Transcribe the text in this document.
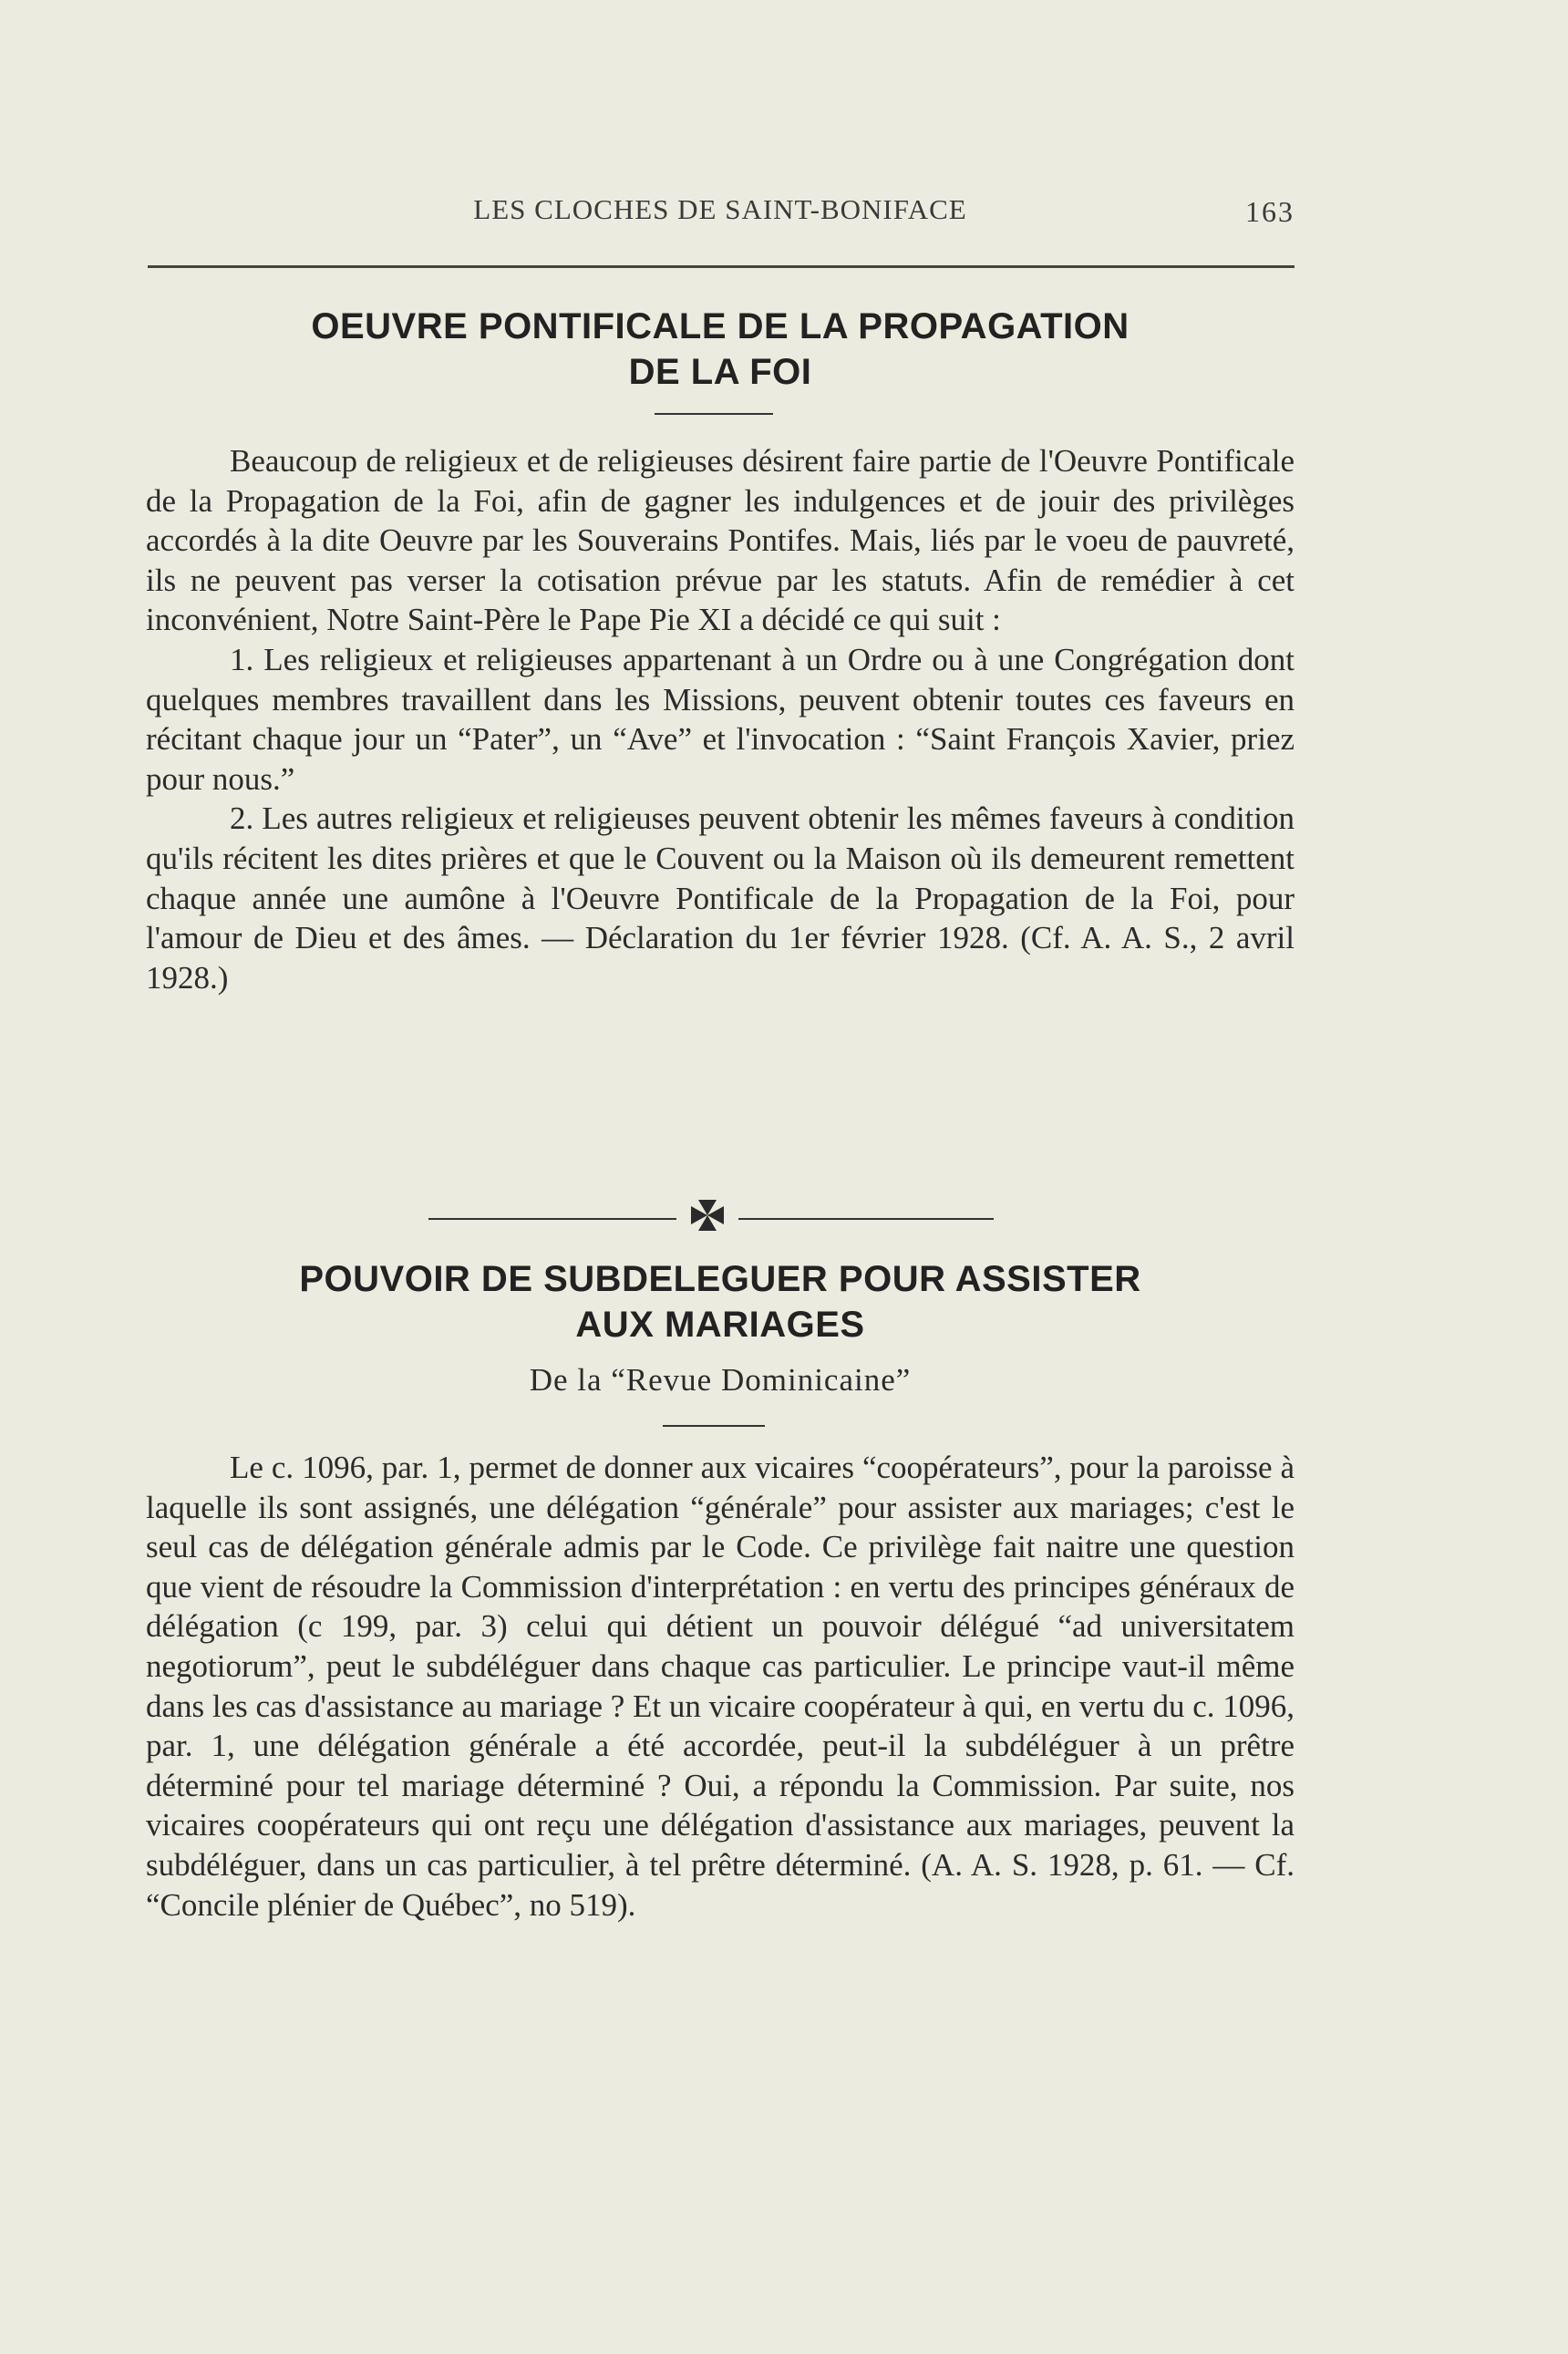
LES CLOCHES DE SAINT-BONIFACE	163
OEUVRE PONTIFICALE DE LA PROPAGATION
DE LA FOI

Beaucoup de religieux et de religieuses désirent faire partie de l'Oeuvre Pontificale de la Propagation de la Foi, afin de gagner les indulgences et de jouir des privilèges accordés à la dite Oeuvre par les Souverains Pontifes. Mais, liés par le voeu de pauvreté, ils ne peuvent pas verser la cotisation prévue par les statuts. Afin de remédier à cet inconvénient, Notre Saint-Père le Pape Pie XI a décidé ce qui suit :

1. Les religieux et religieuses appartenant à un Ordre ou à une Congrégation dont quelques membres travaillent dans les Missions, peuvent obtenir toutes ces faveurs en récitant chaque jour un “Pater”, un “Ave” et l'invocation : “Saint François Xavier, priez pour nous.”

2. Les autres religieux et religieuses peuvent obtenir les mêmes faveurs à condition qu'ils récitent les dites prières et que le Couvent ou la Maison où ils demeurent remettent chaque année une aumône à l'Oeuvre Pontificale de la Propagation de la Foi, pour l'amour de Dieu et des âmes. — Déclaration du 1er février 1928. (Cf. A. A. S., 2 avril 1928.)

POUVOIR DE SUBDELEGUER POUR ASSISTER
AUX MARIAGES
De la “Revue Dominicaine”

Le c. 1096, par. 1, permet de donner aux vicaires “coopérateurs”, pour la paroisse à laquelle ils sont assignés, une délégation “générale” pour assister aux mariages; c'est le seul cas de délégation générale admis par le Code. Ce privilège fait naitre une question que vient de résoudre la Commission d'interprétation : en vertu des principes généraux de délégation (c 199, par. 3) celui qui détient un pouvoir délégué “ad universitatem negotiorum”, peut le subdéléguer dans chaque cas particulier. Le principe vaut-il même dans les cas d'assistance au mariage ? Et un vicaire coopérateur à qui, en vertu du c. 1096, par. 1, une délégation générale a été accordée, peut-il la subdéléguer à un prêtre déterminé pour tel mariage déterminé ? Oui, a répondu la Commission. Par suite, nos vicaires coopérateurs qui ont reçu une délégation d'assistance aux mariages, peuvent la subdéléguer, dans un cas particulier, à tel prêtre déterminé. (A. A. S. 1928, p. 61. — Cf. “Concile plénier de Québec”, no 519).
